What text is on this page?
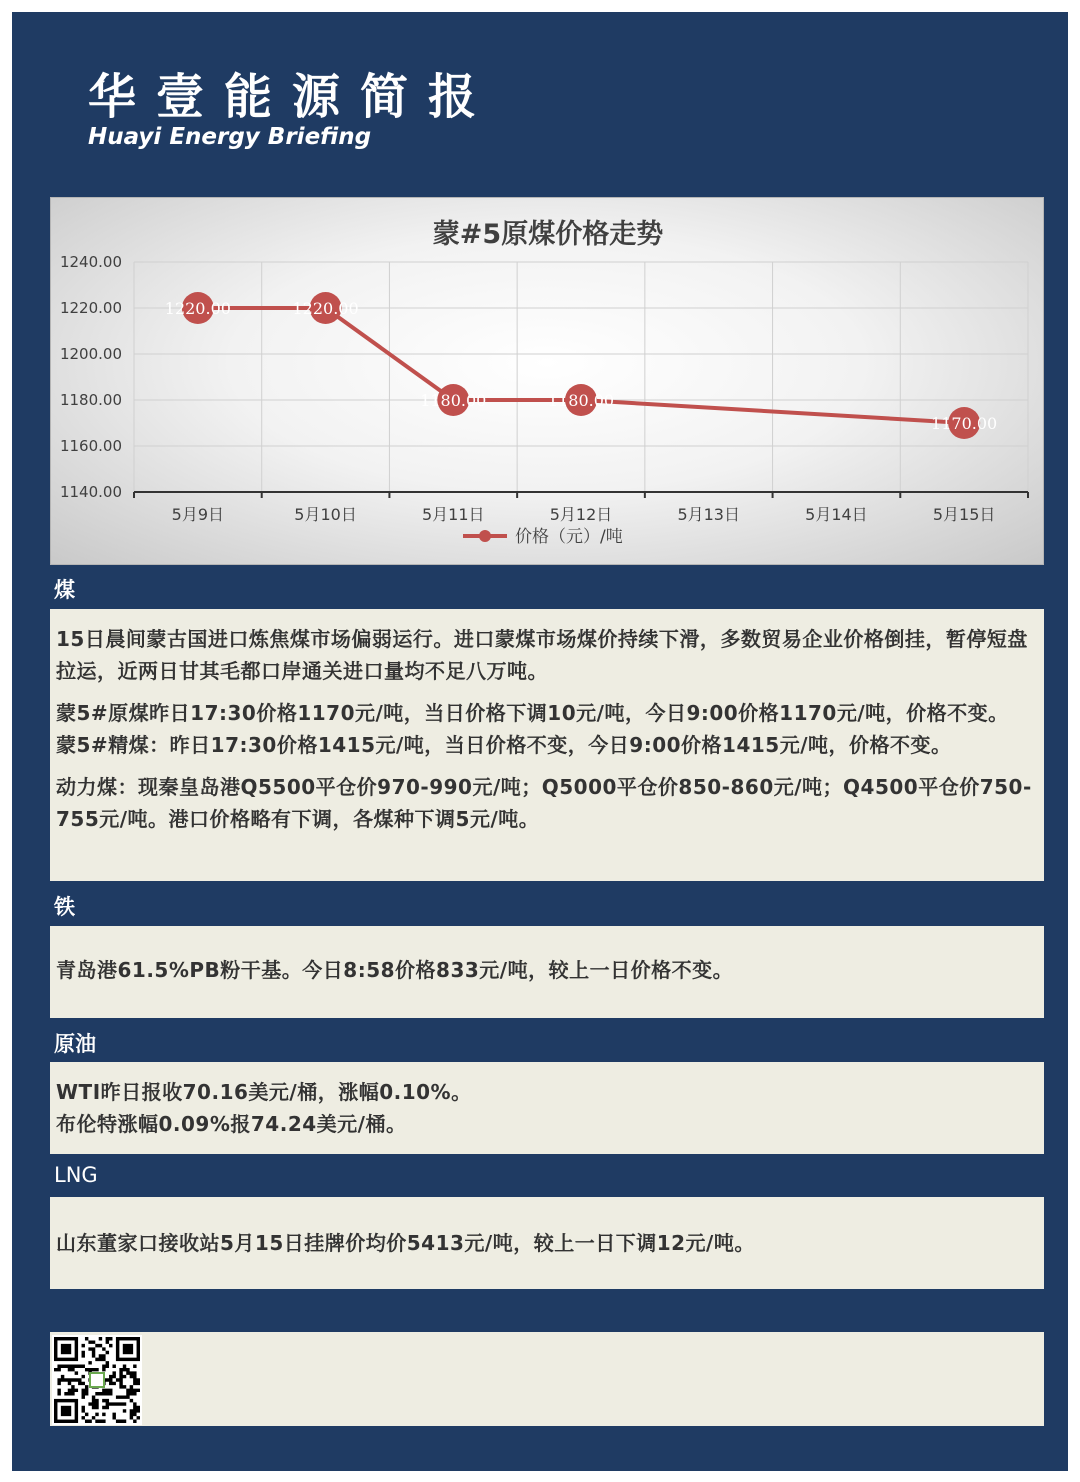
华壹能源简报
Huayi Energy Briefing
蒙#5原煤价格走势
1140.00
1160.00
1180.00
1200.00
1220.00
1240.00
5月9日	5月10日	5月11日	5月12日	5月13日	5月14日	5月15日
1220.00	1220.00
1180.00	1180.00
1170.00
价格（元）/吨
煤

15日晨间蒙古国进口炼焦煤市场偏弱运行。进口蒙煤市场煤价持续下滑，多数贸易企业价格倒挂，暂停短盘拉运，近两日甘其毛都口岸通关进口量均不足八万吨。

蒙5#原煤昨日17:30价格1170元/吨，当日价格下调10元/吨，今日9:00价格1170元/吨，价格不变。

蒙5#精煤：昨日17:30价格1415元/吨，当日价格不变，今日9:00价格1415元/吨，价格不变。

动力煤：现秦皇岛港Q5500平仓价970-990元/吨；Q5000平仓价850-860元/吨；Q4500平仓价750-755元/吨。港口价格略有下调，各煤种下调5元/吨。

铁

青岛港61.5%PB粉干基。今日8:58价格833元/吨，较上一日价格不变。

原油

WTI昨日报收70.16美元/桶，涨幅0.10%。

布伦特涨幅0.09%报74.24美元/桶。

LNG

山东董家口接收站5月15日挂牌价均价5413元/吨，较上一日下调12元/吨。
